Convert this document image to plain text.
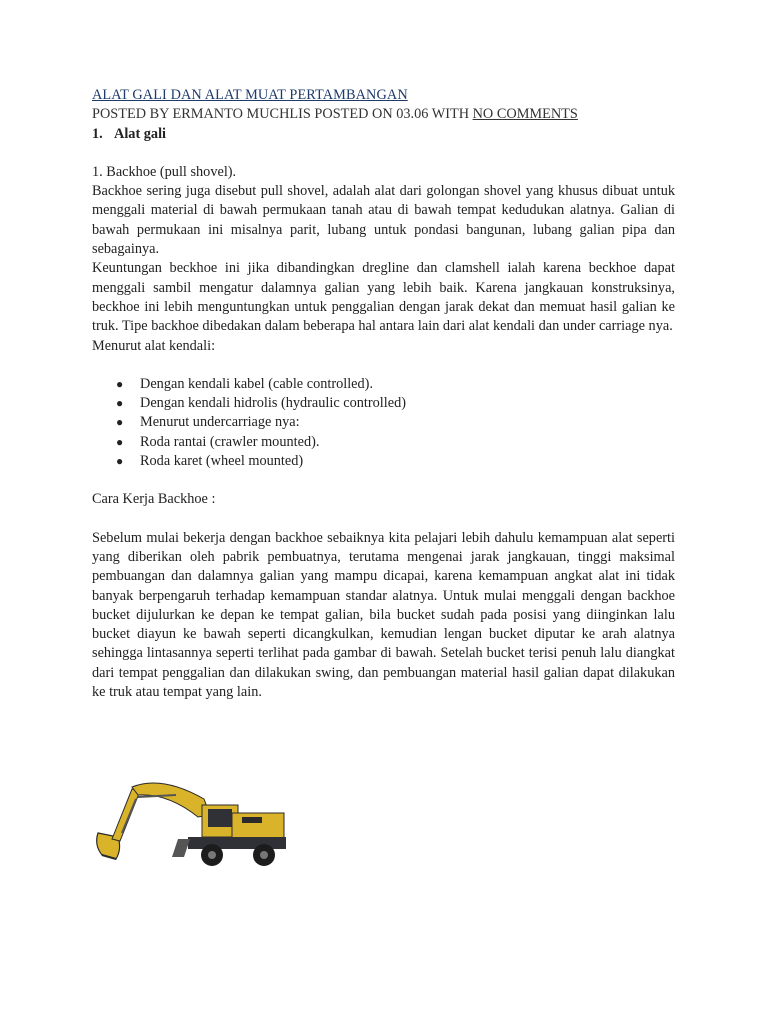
ALAT GALI DAN ALAT MUAT PERTAMBANGAN
POSTED BY ERMANTO MUCHLIS POSTED ON 03.06 WITH NO COMMENTS

1. Alat gali

1. Backhoe (pull shovel).

Backhoe sering juga disebut pull shovel, adalah alat dari golongan shovel yang khusus dibuat untuk menggali material di bawah permukaan tanah atau di bawah tempat kedudukan alatnya. Galian di bawah permukaan ini misalnya parit, lubang untuk pondasi bangunan, lubang galian pipa dan sebagainya.

Keuntungan beckhoe ini jika dibandingkan dregline dan clamshell ialah karena beckhoe dapat menggali sambil mengatur dalamnya galian yang lebih baik. Karena jangkauan konstruksinya, beckhoe ini lebih menguntungkan untuk penggalian dengan jarak dekat dan memuat hasil galian ke truk. Tipe backhoe dibedakan dalam beberapa hal antara lain dari alat kendali dan under carriage nya.

Menurut alat kendali:

● Dengan kendali kabel (cable controlled).
● Dengan kendali hidrolis (hydraulic controlled)
● Menurut undercarriage nya:
● Roda rantai (crawler mounted).
● Roda karet (wheel mounted)

Cara Kerja Backhoe :

Sebelum mulai bekerja dengan backhoe sebaiknya kita pelajari lebih dahulu kemampuan alat seperti yang diberikan oleh pabrik pembuatnya, terutama mengenai jarak jangkauan, tinggi maksimal pembuangan dan dalamnya galian yang mampu dicapai, karena kemampuan angkat alat ini tidak banyak berpengaruh terhadap kemampuan standar alatnya. Untuk mulai menggali dengan backhoe bucket dijulurkan ke depan ke tempat galian, bila bucket sudah pada posisi yang diinginkan lalu bucket diayun ke bawah seperti dicangkulkan, kemudian lengan bucket diputar ke arah alatnya sehingga lintasannya seperti terlihat pada gambar di bawah. Setelah bucket terisi penuh lalu diangkat dari tempat penggalian dan dilakukan swing, dan pembuangan material hasil galian dapat dilakukan ke truk atau tempat yang lain.
